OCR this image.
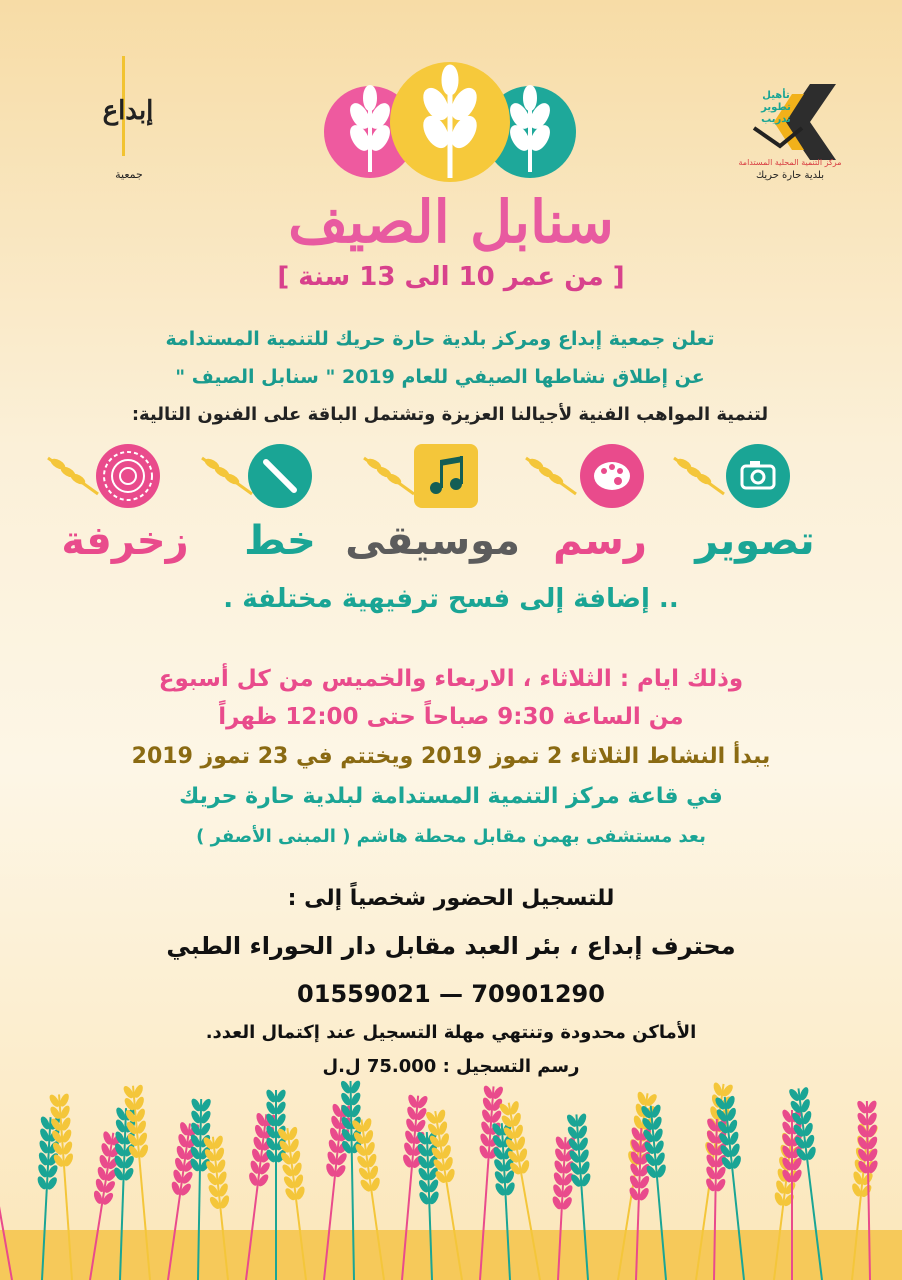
إبداع
جمعية
تأهيل
تطوير
تدريب
مركز التنمية المحلية المستدامة
بلدية حارة حريك
سنابل الصيف
[ من عمر 10 الى 13 سنة ]
تعلن جمعية إبداع ومركز بلدية حارة حريك للتنمية المستدامة
عن إطلاق نشاطها الصيفي للعام 2019 " سنابل الصيف "
لتنمية المواهب الفنية لأجيالنا العزيزة وتشتمل الباقة على الفنون التالية:
زخرفة	خط موسيقى رسم	تصوير
.. إضافة إلى فسح ترفيهية مختلفة .
وذلك ايام : الثلاثاء ، الاربعاء والخميس من كل أسبوع
من الساعة 9:30 صباحاً حتى 12:00 ظهراً
يبدأ النشاط الثلاثاء 2 تموز 2019 ويختتم في 23 تموز 2019
في قاعة مركز التنمية المستدامة لبلدية حارة حريك
بعد مستشفى بهمن مقابل محطة هاشم ( المبنى الأصفر )
للتسجيل الحضور شخصياً إلى :
محترف إبداع ، بئر العبد مقابل دار الحوراء الطبي
01559021 — 70901290
الأماكن محدودة وتنتهي مهلة التسجيل عند إكتمال العدد.
رسم التسجيل : 75.000 ل.ل
